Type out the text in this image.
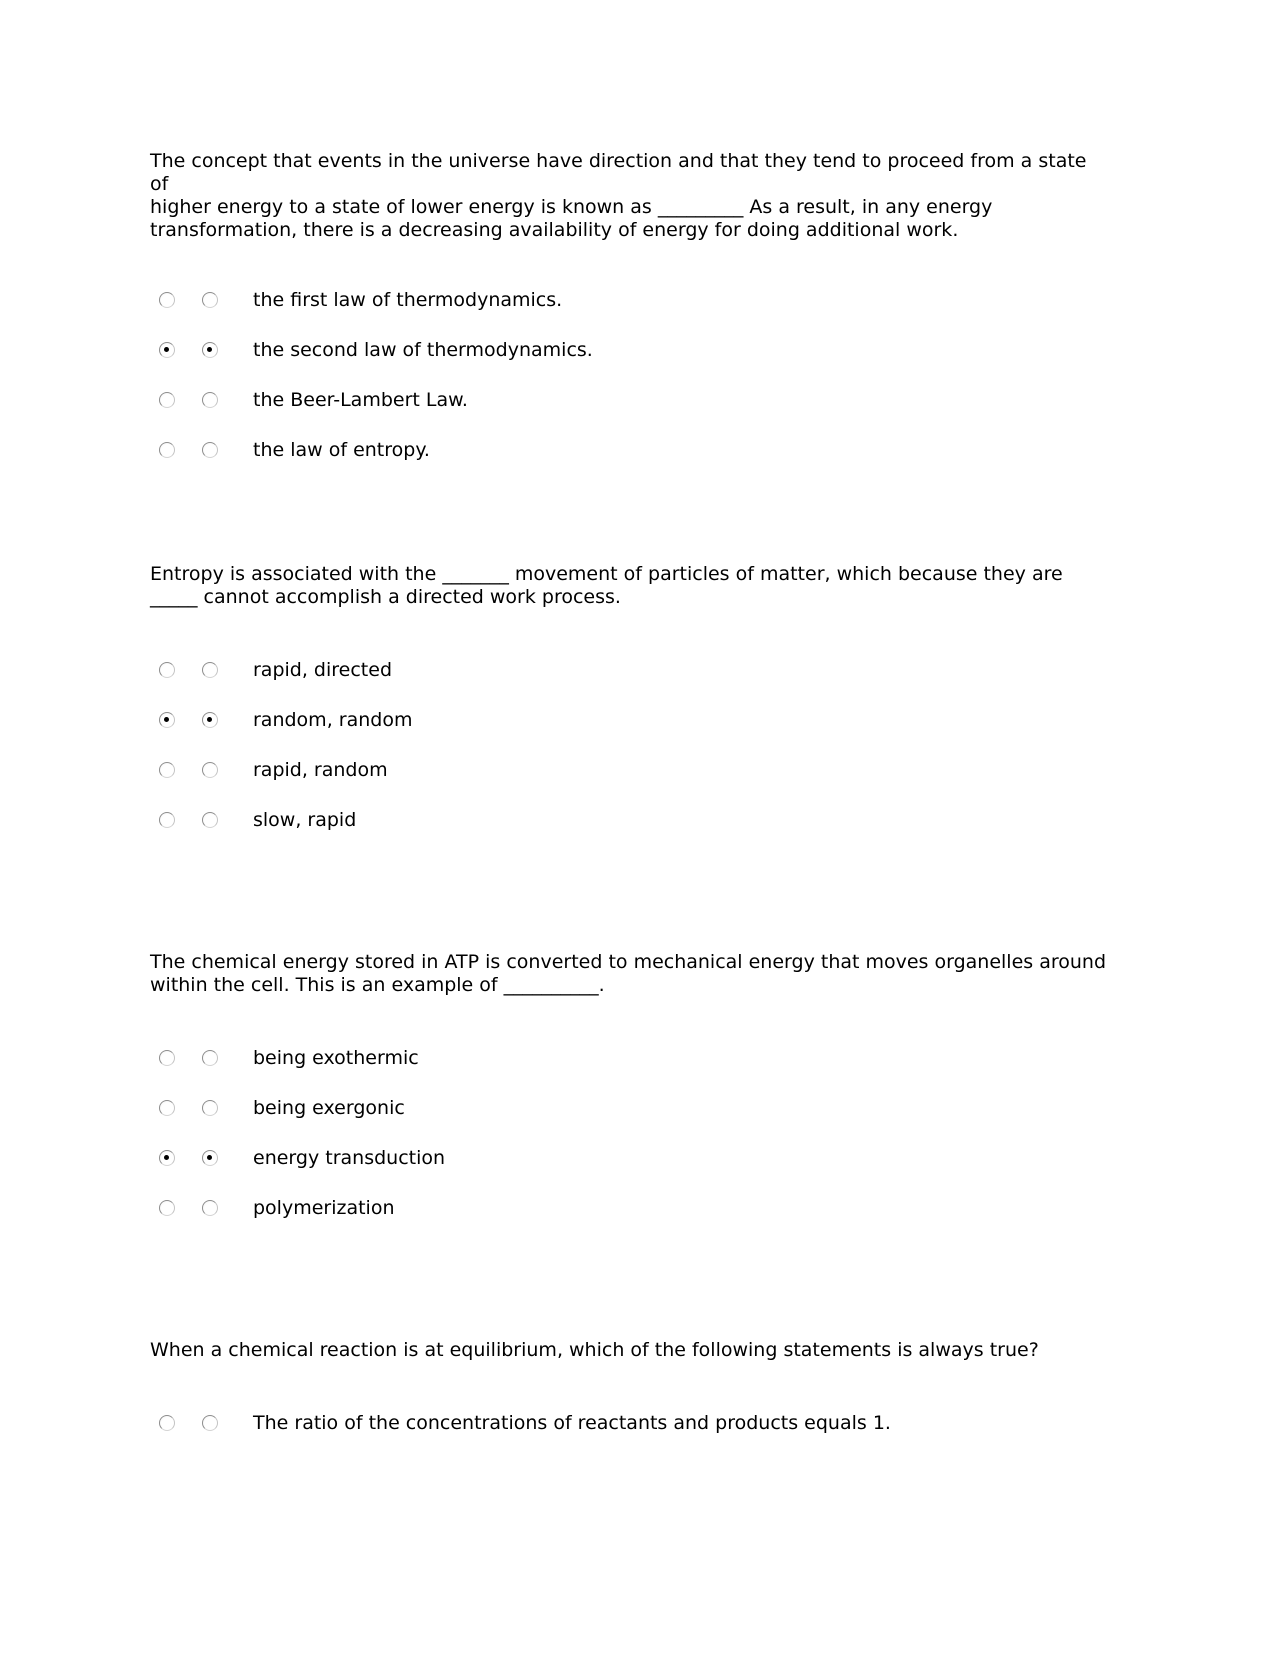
The concept that events in the universe have direction and that they tend to proceed from a state of
higher energy to a state of lower energy is known as _________ As a result, in any energy
transformation, there is a decreasing availability of energy for doing additional work.

the first law of thermodynamics.
the second law of thermodynamics.
the Beer-Lambert Law.
the law of entropy.

Entropy is associated with the _______ movement of particles of matter, which because they are
_____ cannot accomplish a directed work process.

rapid, directed
random, random
rapid, random
slow, rapid

The chemical energy stored in ATP is converted to mechanical energy that moves organelles around
within the cell. This is an example of __________.

being exothermic
being exergonic
energy transduction
polymerization

When a chemical reaction is at equilibrium, which of the following statements is always true?

The ratio of the concentrations of reactants and products equals 1.
